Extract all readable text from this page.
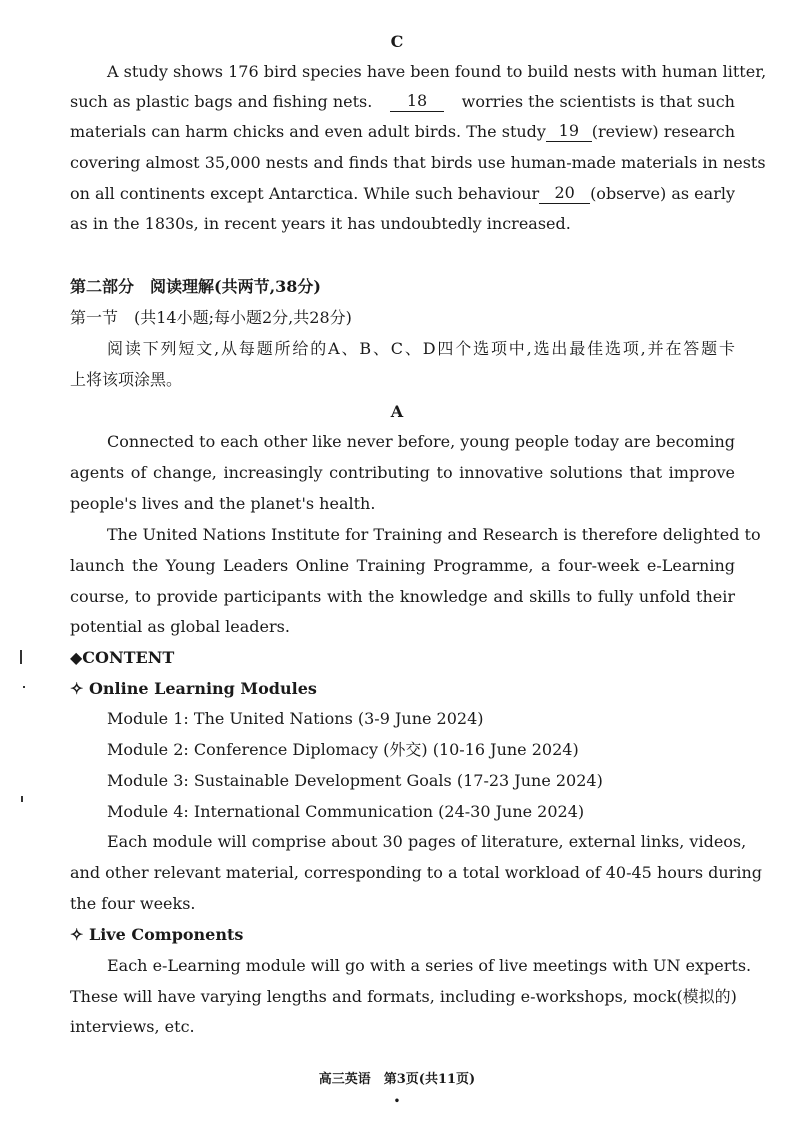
C
A study shows 176 bird species have been found to build nests with human litter,
such as plastic bags and fishing nets.	18	worries the scientists is that such
materials can harm chicks and even adult birds. The study 19 (review) research
covering almost 35,000 nests and finds that birds use human-made materials in nests
on all continents except Antarctica. While such behaviour 20 (observe) as early
as in the 1830s, in recent years it has undoubtedly increased.
第二部分　阅读理解(共两节,38分)
第一节　(共14小题;每小题2分,共28分)
阅读下列短文,从每题所给的A、B、C、D四个选项中,选出最佳选项,并在答题卡
上将该项涂黑。
A
Connected to each other like never before, young people today are becoming
agents of change, increasingly contributing to innovative solutions that improve
people's lives and the planet's health.
The United Nations Institute for Training and Research is therefore delighted to
launch the Young Leaders Online Training Programme, a four-week e-Learning
course, to provide participants with the knowledge and skills to fully unfold their
potential as global leaders.
◆CONTENT
✧ Online Learning Modules
Module 1: The United Nations (3-9 June 2024)
Module 2: Conference Diplomacy (外交) (10-16 June 2024)
Module 3: Sustainable Development Goals (17-23 June 2024)
Module 4: International Communication (24-30 June 2024)
Each module will comprise about 30 pages of literature, external links, videos,
and other relevant material, corresponding to a total workload of 40-45 hours during
the four weeks.
✧ Live Components
Each e-Learning module will go with a series of live meetings with UN experts.
These will have varying lengths and formats, including e-workshops, mock(模拟的)
interviews, etc.
高三英语　第3页(共11页)
•
